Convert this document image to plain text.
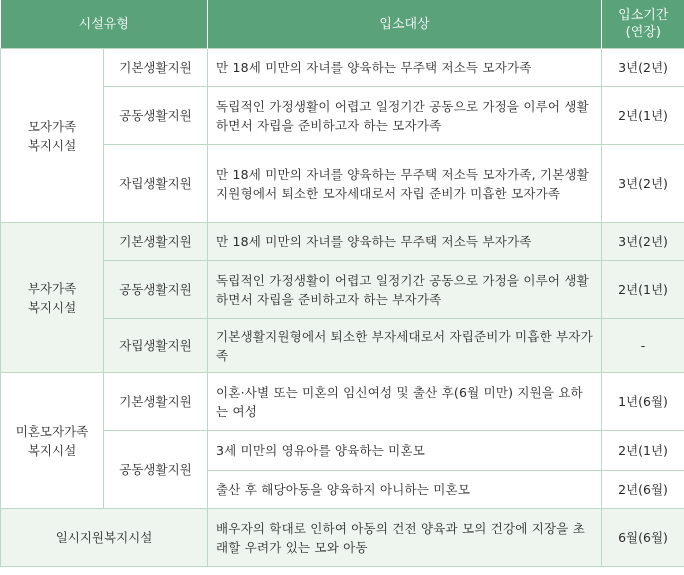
시설유형		입소대상	입소기간
(연장)
모자가족
복지시설	기본생활지원	만 18세 미만의 자녀를 양육하는 무주택 저소득 모자가족	3년(2년)
	공동생활지원	독립적인 가정생활이 어렵고 일정기간 공동으로 가정을 이루어 생활하면서 자립을 준비하고자 하는 모자가족	2년(1년)
	자립생활지원	만 18세 미만의 자녀를 양육하는 무주택 저소득 모자가족, 기본생활지원형에서 퇴소한 모자세대로서 자립 준비가 미흡한 모자가족	3년(2년)
부자가족
복지시설	기본생활지원	만 18세 미만의 자녀를 양육하는 무주택 저소득 부자가족	3년(2년)
	공동생활지원	독립적인 가정생활이 어렵고 일정기간 공동으로 가정을 이루어 생활하면서 자립을 준비하고자 하는 부자가족	2년(1년)
	자립생활지원	기본생활지원형에서 퇴소한 부자세대로서 자립준비가 미흡한 부자가족	-
미혼모자가족
복지시설	기본생활지원	이혼·사별 또는 미혼의 임신여성 및 출산 후(6월 미만) 지원을 요하는 여성	1년(6월)
	공동생활지원	3세 미만의 영유아를 양육하는 미혼모	2년(1년)
		출산 후 해당아동을 양육하지 아니하는 미혼모	2년(6월)
일시지원복지시설		배우자의 학대로 인하여 아동의 건전 양육과 모의 건강에 지장을 초래할 우려가 있는 모와 아동	6월(6월)
